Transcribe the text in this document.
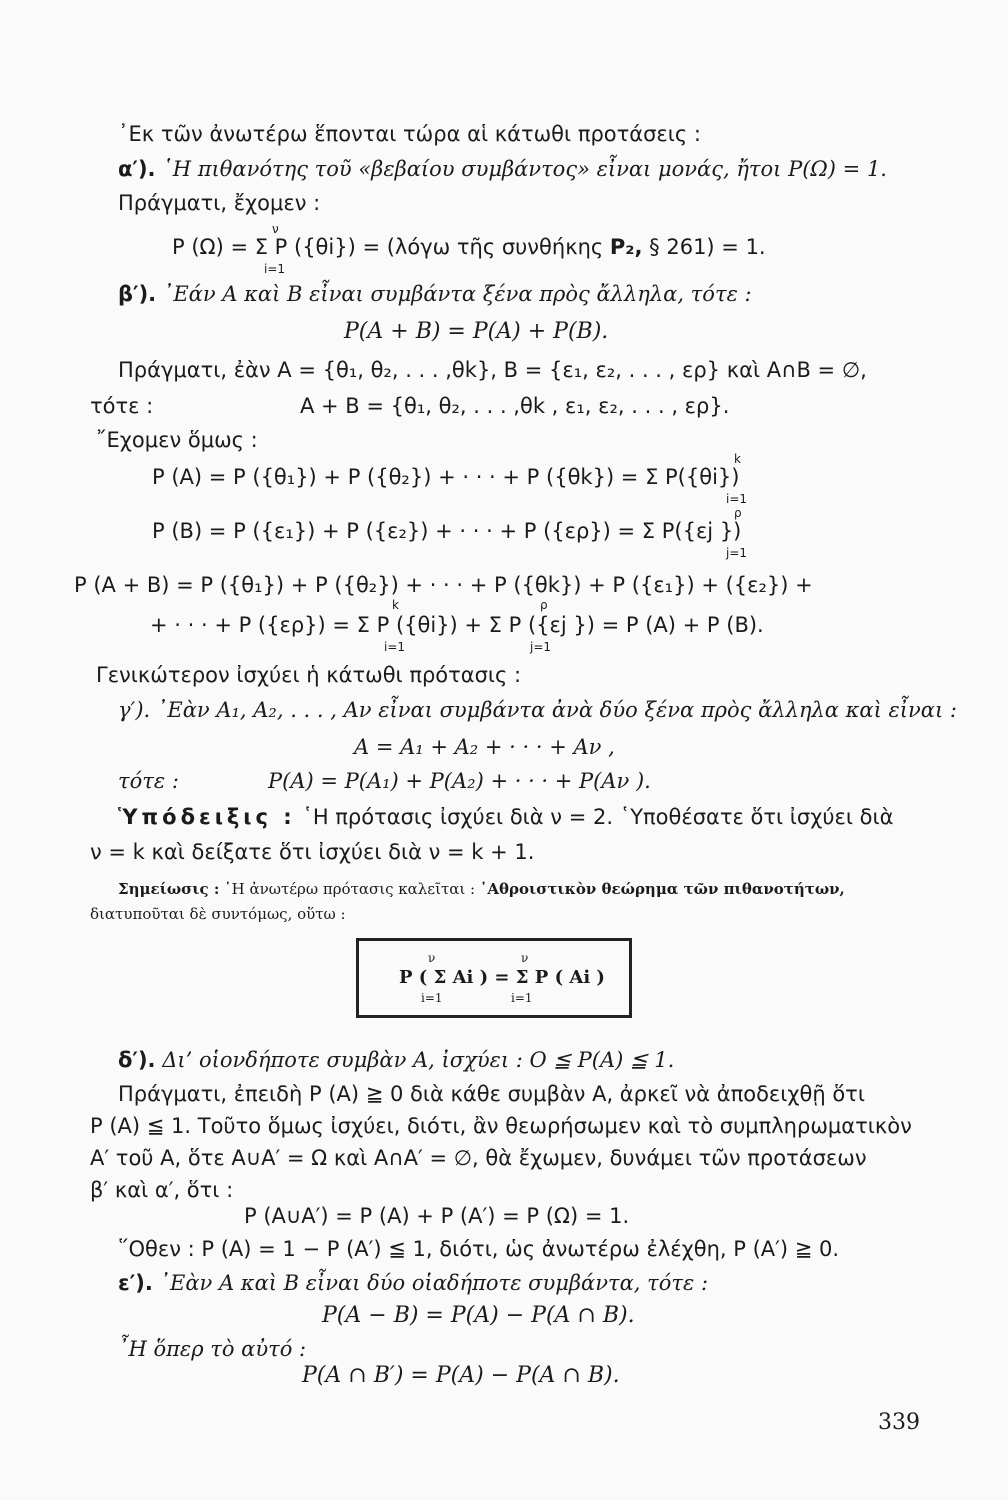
᾿Εκ τῶν ἀνωτέρω ἕπονται τώρα αἱ κάτωθι προτάσεις :
α′). ῾Η πιθανότης τοῦ «βεβαίου συμβάντος» εἶναι μονάς, ἤτοι P(Ω) = 1.
Πράγματι, ἔχομεν :
ν
P (Ω) = Σ P ({θi}) = (λόγω τῆς συνθήκης P₂, § 261) = 1.
i=1
β′). ᾿Εάν A καὶ B εἶναι συμβάντα ξένα πρὸς ἄλληλα, τότε :
P(A + B) = P(A) + P(B).
Πράγματι, ἐὰν A = {θ₁, θ₂, . . . ,θk}, B = {ε₁, ε₂, . . . , ερ} καὶ A∩B = ∅,
τότε :	A + B = {θ₁, θ₂, . . . ,θk , ε₁, ε₂, . . . , ερ}.
῎Εχομεν ὅμως :
k
P (A) = P ({θ₁}) + P ({θ₂}) + · · · + P ({θk}) = Σ P({θi})
i=1
ρ
P (B) = P ({ε₁}) + P ({ε₂}) + · · · + P ({ερ}) = Σ P({εj })
j=1
P (A + B) = P ({θ₁}) + P ({θ₂}) + · · · + P ({θk}) + P ({ε₁}) + ({ε₂}) +
k	ρ
+ · · · + P ({ερ}) = Σ P ({θi}) + Σ P ({εj }) = P (A) + P (B).
i=1	j=1
Γενικώτερον ἰσχύει ἡ κάτωθι πρότασις :
γ′). ᾿Εὰν A₁, A₂, . . . , Aν εἶναι συμβάντα ἀνὰ δύο ξένα πρὸς ἄλληλα καὶ εἶναι :
A = A₁ + A₂ + · · · + Aν ,
τότε :	P(A) = P(A₁) + P(A₂) + · · · + P(Aν ).
Ὑπόδειξις : ῾Η πρότασις ἰσχύει διὰ ν = 2. ῾Υποθέσατε ὅτι ἰσχύει διὰ
ν = k καὶ δείξατε ὅτι ἰσχύει διὰ ν = k + 1.
Σημείωσις : ῾Η ἀνωτέρω πρότασις καλεῖται : ᾿Αθροιστικὸν θεώρημα τῶν πιθανοτήτων,
διατυποῦται δὲ συντόμως, οὕτω :
ν	ν
P ( Σ Ai ) = Σ P ( Ai )
i=1	i=1
δ′). Δι’ οἱονδήποτε συμβὰν A, ἰσχύει : O ≦ P(A) ≦ 1.
Πράγματι, ἐπειδὴ P (A) ≧ 0 διὰ κάθε συμβὰν A, ἀρκεῖ νὰ ἀποδειχθῇ ὅτι
P (A) ≦ 1. Τοῦτο ὅμως ἰσχύει, διότι, ἂν θεωρήσωμεν καὶ τὸ συμπληρωματικὸν
A′ τοῦ A, ὅτε A∪A′ = Ω καὶ A∩A′ = ∅, θὰ ἔχωμεν, δυνάμει τῶν προτάσεων
β′ καὶ α′, ὅτι :
P (A∪A′) = P (A) + P (A′) = P (Ω) = 1.
῞Οθεν : P (A) = 1 − P (A′) ≦ 1, διότι, ὡς ἀνωτέρω ἐλέχθη, P (A′) ≧ 0.
ε′). ᾿Εὰν A καὶ B εἶναι δύο οἱαδήποτε συμβάντα, τότε :
P(A − B) = P(A) − P(A ∩ B).
῏Η ὅπερ τὸ αὐτό :
P(A ∩ B′) = P(A) − P(A ∩ B).
339
